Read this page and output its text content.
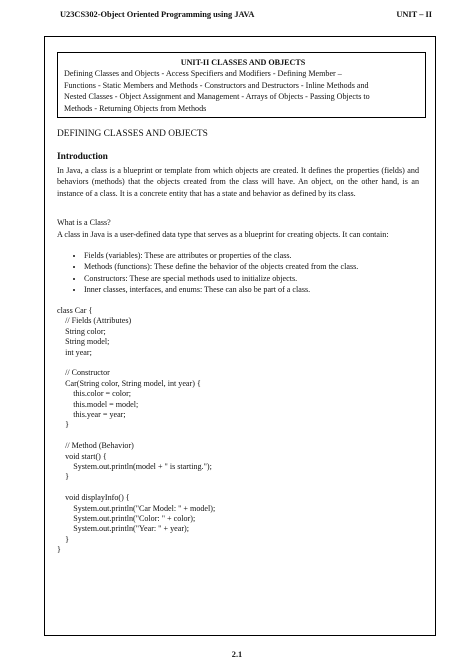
U23CS302-Object Oriented Programming using JAVA	UNIT – II
UNIT-II CLASSES AND OBJECTS
Defining Classes and Objects - Access Specifiers and Modifiers - Defining Member –
Functions - Static Members and Methods - Constructors and Destructors - Inline Methods and
Nested Classes - Object Assignment and Management - Arrays of Objects - Passing Objects to
Methods - Returning Objects from Methods
DEFINING CLASSES AND OBJECTS
Introduction
In Java, a class is a blueprint or template from which objects are created. It defines the properties (fields) and behaviors (methods) that the objects created from the class will have. An object, on the other hand, is an instance of a class. It is a concrete entity that has a state and behavior as defined by its class.
What is a Class?
A class in Java is a user-defined data type that serves as a blueprint for creating objects. It can contain:
• Fields (variables): These are attributes or properties of the class.
• Methods (functions): These define the behavior of the objects created from the class.
• Constructors: These are special methods used to initialize objects.
• Inner classes, interfaces, and enums: These can also be part of a class.
class Car {
// Fields (Attributes)
String color;
String model;
int year;
// Constructor
Car(String color, String model, int year) {
this.color = color;
this.model = model;
this.year = year;
}
// Method (Behavior)
void start() {
System.out.println(model + " is starting.");
}
void displayInfo() {
System.out.println("Car Model: " + model);
System.out.println("Color: " + color);
System.out.println("Year: " + year);
}
}
2.1
